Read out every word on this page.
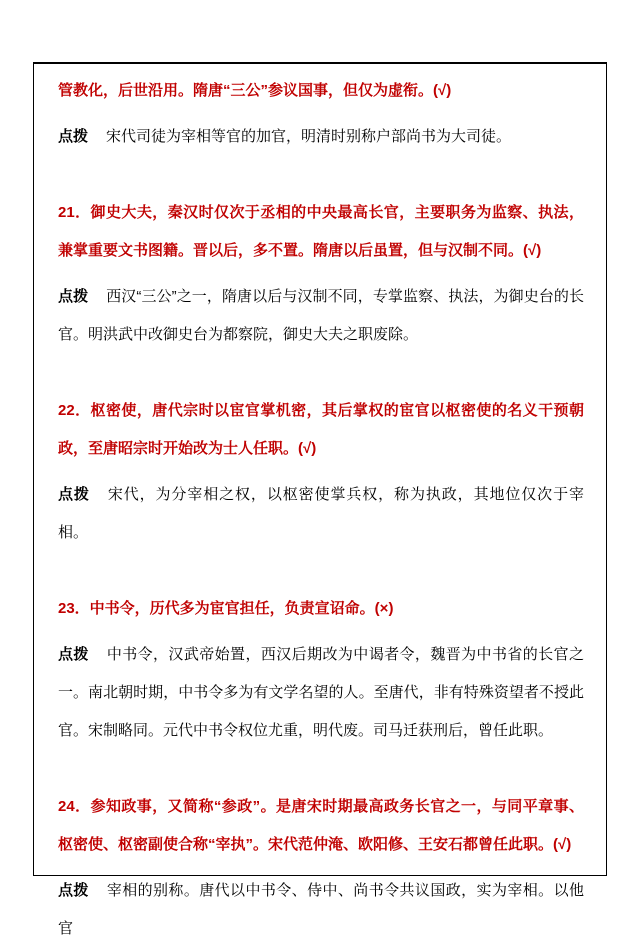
管教化，后世沿用。隋唐“三公”参议国事，但仅为虚衔。(√)

点拨 宋代司徒为宰相等官的加官，明清时别称户部尚书为大司徒。

21．御史大夫，秦汉时仅次于丞相的中央最高长官，主要职务为监察、执法，兼掌重要文书图籍。晋以后，多不置。隋唐以后虽置，但与汉制不同。(√)

点拨 西汉“三公”之一，隋唐以后与汉制不同，专掌监察、执法，为御史台的长官。明洪武中改御史台为都察院，御史大夫之职废除。

22．枢密使，唐代宗时以宦官掌机密，其后掌权的宦官以枢密使的名义干预朝政，至唐昭宗时开始改为士人任职。(√)

点拨 宋代，为分宰相之权，以枢密使掌兵权，称为执政，其地位仅次于宰相。

23．中书令，历代多为宦官担任，负责宣诏命。(×)

点拨 中书令，汉武帝始置，西汉后期改为中谒者令，魏晋为中书省的长官之一。南北朝时期，中书令多为有文学名望的人。至唐代，非有特殊资望者不授此官。宋制略同。元代中书令权位尤重，明代废。司马迁获刑后，曾任此职。

24．参知政事，又简称“参政”。是唐宋时期最高政务长官之一，与同平章事、枢密使、枢密副使合称“宰执”。宋代范仲淹、欧阳修、王安石都曾任此职。(√)

点拨 宰相的别称。唐代以中书令、侍中、尚书令共议国政，实为宰相。以他官
